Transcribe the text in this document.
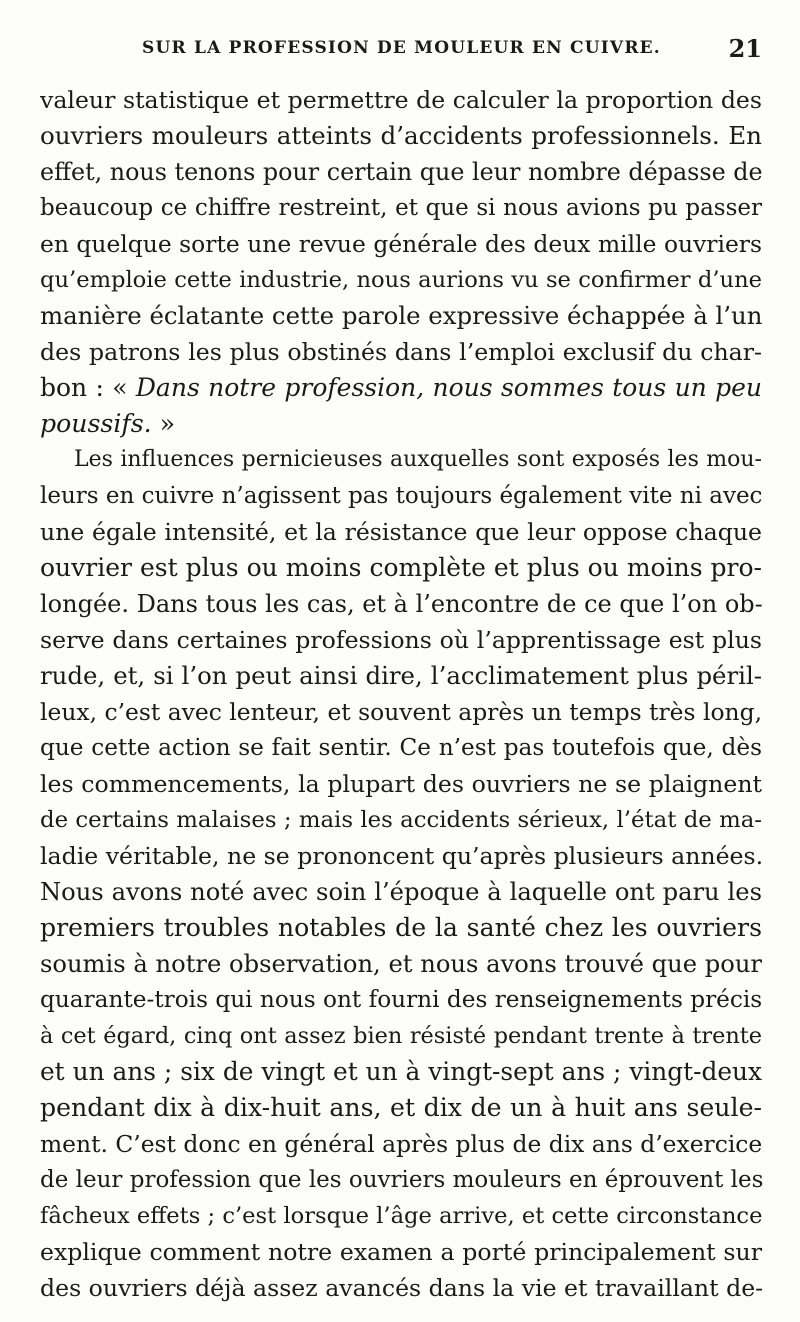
SUR LA PROFESSION DE MOULEUR EN CUIVRE.	21
valeur statistique et permettre de calculer la proportion des
ouvriers mouleurs atteints d’accidents professionnels. En
effet, nous tenons pour certain que leur nombre dépasse de
beaucoup ce chiffre restreint, et que si nous avions pu passer
en quelque sorte une revue générale des deux mille ouvriers
qu’emploie cette industrie, nous aurions vu se confirmer d’une
manière éclatante cette parole expressive échappée à l’un
des patrons les plus obstinés dans l’emploi exclusif du char-
bon : « Dans notre profession, nous sommes tous un peu
poussifs. »
Les influences pernicieuses auxquelles sont exposés les mou-
leurs en cuivre n’agissent pas toujours également vite ni avec
une égale intensité, et la résistance que leur oppose chaque
ouvrier est plus ou moins complète et plus ou moins pro-
longée. Dans tous les cas, et à l’encontre de ce que l’on ob-
serve dans certaines professions où l’apprentissage est plus
rude, et, si l’on peut ainsi dire, l’acclimatement plus péril-
leux, c’est avec lenteur, et souvent après un temps très long,
que cette action se fait sentir. Ce n’est pas toutefois que, dès
les commencements, la plupart des ouvriers ne se plaignent
de certains malaises ; mais les accidents sérieux, l’état de ma-
ladie véritable, ne se prononcent qu’après plusieurs années.
Nous avons noté avec soin l’époque à laquelle ont paru les
premiers troubles notables de la santé chez les ouvriers
soumis à notre observation, et nous avons trouvé que pour
quarante-trois qui nous ont fourni des renseignements précis
à cet égard, cinq ont assez bien résisté pendant trente à trente
et un ans ; six de vingt et un à vingt-sept ans ; vingt-deux
pendant dix à dix-huit ans, et dix de un à huit ans seule-
ment. C’est donc en général après plus de dix ans d’exercice
de leur profession que les ouvriers mouleurs en éprouvent les
fâcheux effets ; c’est lorsque l’âge arrive, et cette circonstance
explique comment notre examen a porté principalement sur
des ouvriers déjà assez avancés dans la vie et travaillant de-
